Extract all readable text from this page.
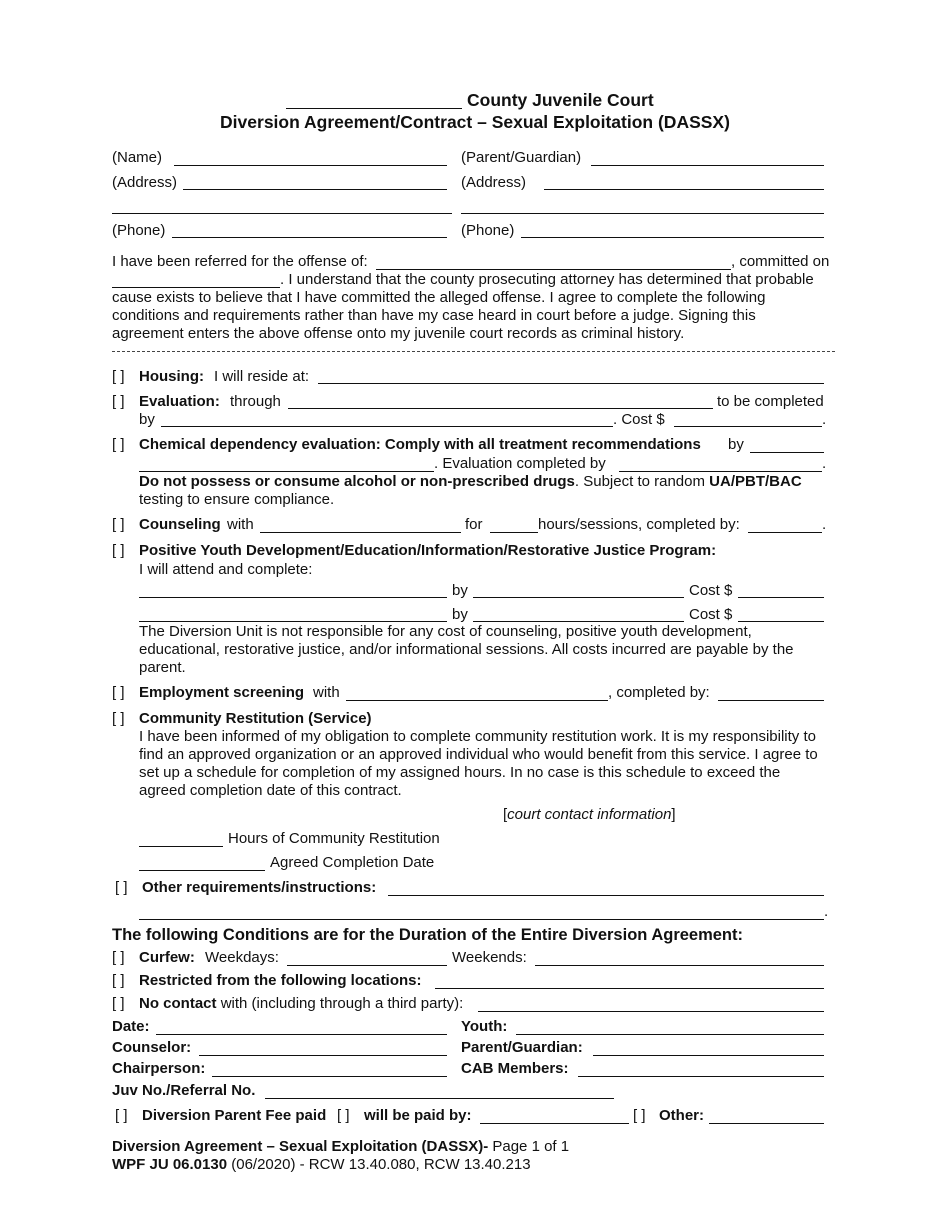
County Juvenile Court
Diversion Agreement/Contract – Sexual Exploitation (DASSX)
(Name)	(Parent/Guardian)
(Address)	(Address)
(Phone)	(Phone)
I have been referred for the offense of:	, committed on
. I understand that the county prosecuting attorney has determined that probable
cause exists to believe that I have committed the alleged offense. I agree to complete the following conditions and requirements rather than have my case heard in court before a judge. Signing this agreement enters the above offense onto my juvenile court records as criminal history.
[ ] Housing: I will reside at:
[ ] Evaluation: through	to be completed
by	. Cost $	.
[ ] Chemical dependency evaluation: Comply with all treatment recommendations by
. Evaluation completed by	.
Do not possess or consume alcohol or non-prescribed drugs. Subject to random UA/PBT/BAC
testing to ensure compliance.
[ ] Counseling with	for	hours/sessions, completed by:	.
[ ] Positive Youth Development/Education/Information/Restorative Justice Program:
I will attend and complete:
by	Cost $
by	Cost $
The Diversion Unit is not responsible for any cost of counseling, positive youth development, educational, restorative justice, and/or informational sessions. All costs incurred are payable by the parent.
[ ] Employment screening with	, completed by:
[ ] Community Restitution (Service)
I have been informed of my obligation to complete community restitution work. It is my responsibility to find an approved organization or an approved individual who would benefit from this service. I agree to set up a schedule for completion of my assigned hours. In no case is this schedule to exceed the agreed completion date of this contract.
[court contact information]
Hours of Community Restitution
Agreed Completion Date
[ ] Other requirements/instructions:
.
The following Conditions are for the Duration of the Entire Diversion Agreement:
[ ] Curfew: Weekdays:	Weekends:
[ ] Restricted from the following locations:
[ ] No contact with (including through a third party):
Date:	Youth:
Counselor:	Parent/Guardian:
Chairperson:	CAB Members:
Juv No./Referral No.
[ ] Diversion Parent Fee paid [ ] will be paid by:	[ ] Other:
Diversion Agreement – Sexual Exploitation (DASSX)- Page 1 of 1
WPF JU 06.0130 (06/2020) - RCW 13.40.080, RCW 13.40.213
